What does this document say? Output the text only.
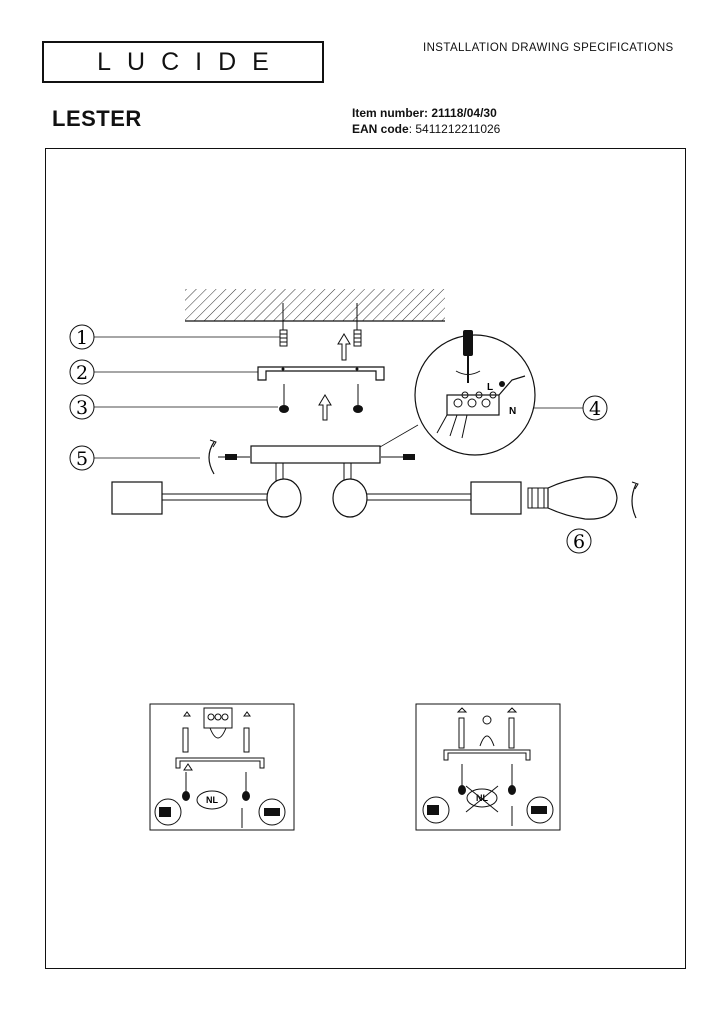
LUCIDE	INSTALLATION DRAWING SPECIFICATIONS
LESTER	Item number: 21118/04/30
EAN code: 5411212211026
1
2
3	4
5
6
L
N
NL	NL
